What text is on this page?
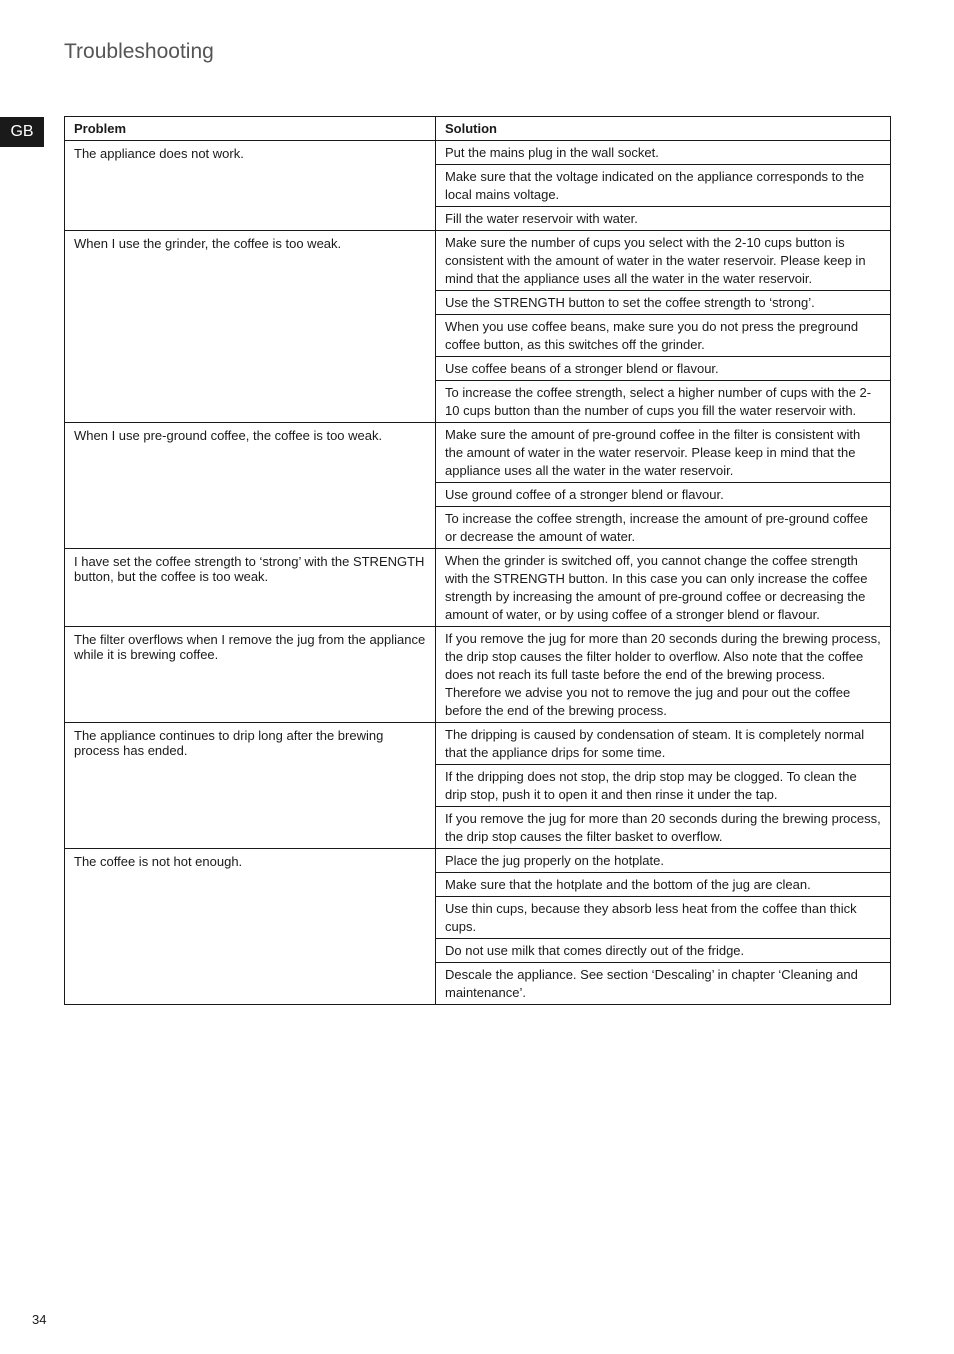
Troubleshooting
GB	Problem	Solution
The appliance does not work.	Put the mains plug in the wall socket.
	Make sure that the voltage indicated on the appliance corresponds to the local mains voltage.
	Fill the water reservoir with water.
When I use the grinder, the coffee is too weak.	Make sure the number of cups you select with the 2-10 cups button is consistent with the amount of water in the water reservoir. Please keep in mind that the appliance uses all the water in the water reservoir.
	Use the STRENGTH button to set the coffee strength to ‘strong’.
	When you use coffee beans, make sure you do not press the preground coffee button, as this switches off the grinder.
	Use coffee beans of a stronger blend or flavour.
	To increase the coffee strength, select a higher number of cups with the 2-10 cups button than the number of cups you fill the water reservoir with.
When I use pre-ground coffee, the coffee is too weak.	Make sure the amount of pre-ground coffee in the filter is consistent with the amount of water in the water reservoir. Please keep in mind that the appliance uses all the water in the water reservoir.
	Use ground coffee of a stronger blend or flavour.
	To increase the coffee strength, increase the amount of pre-ground coffee or decrease the amount of water.
I have set the coffee strength to ‘strong’ with the STRENGTH button, but the coffee is too weak.	When the grinder is switched off, you cannot change the coffee strength with the STRENGTH button. In this case you can only increase the coffee strength by increasing the amount of pre-ground coffee or decreasing the amount of water, or by using coffee of a stronger blend or flavour.
The filter overflows when I remove the jug from the appliance while it is brewing coffee.	If you remove the jug for more than 20 seconds during the brewing process, the drip stop causes the filter holder to overflow. Also note that the coffee does not reach its full taste before the end of the brewing process. Therefore we advise you not to remove the jug and pour out the coffee before the end of the brewing process.
The appliance continues to drip long after the brewing process has ended.	The dripping is caused by condensation of steam. It is completely normal that the appliance drips for some time.
	If the dripping does not stop, the drip stop may be clogged. To clean the drip stop, push it to open it and then rinse it under the tap.
	If you remove the jug for more than 20 seconds during the brewing process, the drip stop causes the filter basket to overflow.
The coffee is not hot enough.	Place the jug properly on the hotplate.
	Make sure that the hotplate and the bottom of the jug are clean.
	Use thin cups, because they absorb less heat from the coffee than thick cups.
	Do not use milk that comes directly out of the fridge.
	Descale the appliance. See section ‘Descaling’ in chapter ‘Cleaning and maintenance’.
34
